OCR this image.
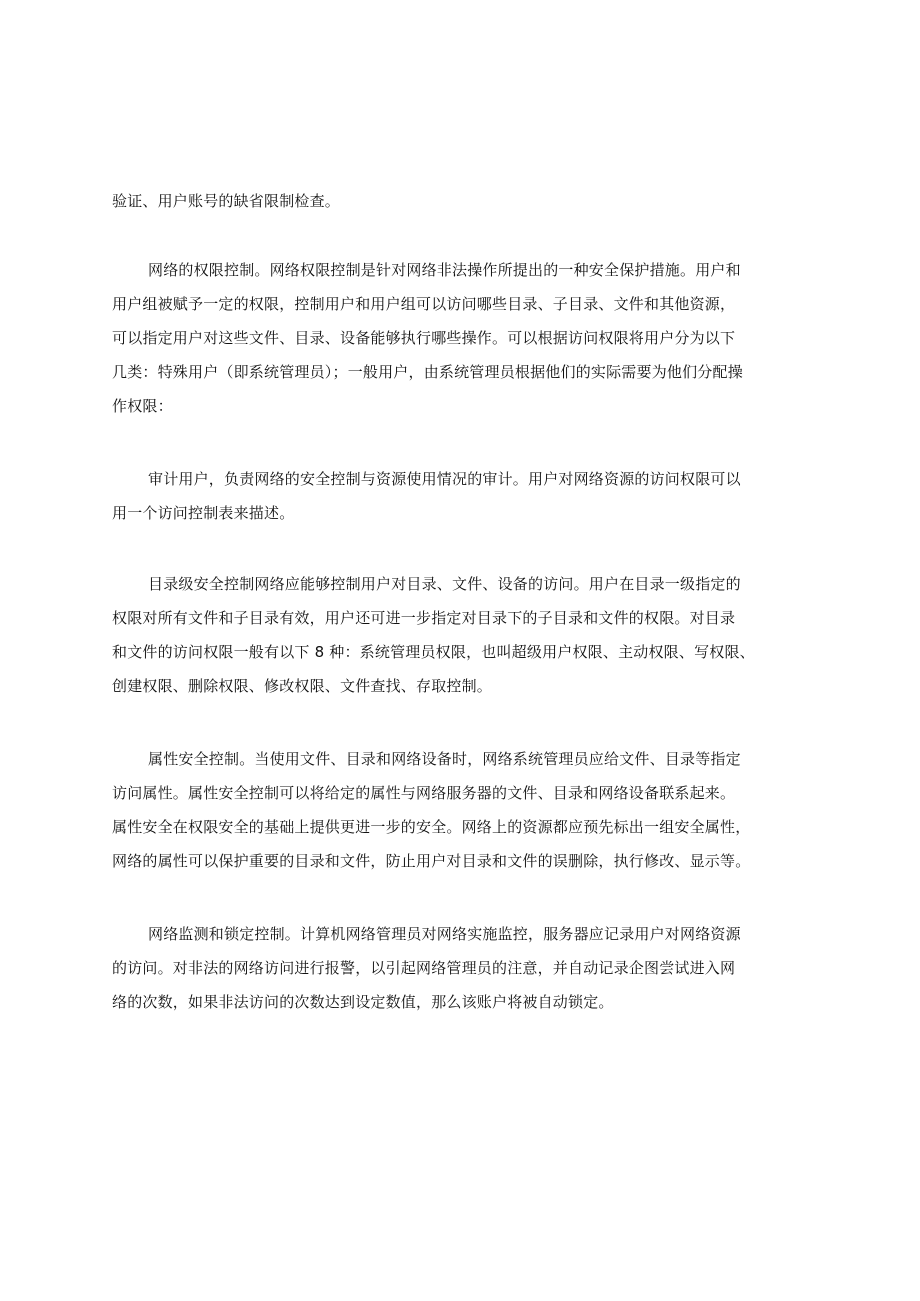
验证、用户账号的缺省限制检查。
网络的权限控制。网络权限控制是针对网络非法操作所提出的一种安全保护措施。用户和
用户组被赋予一定的权限，控制用户和用户组可以访问哪些目录、子目录、文件和其他资源，
可以指定用户对这些文件、目录、设备能够执行哪些操作。可以根据访问权限将用户分为以下
几类：特殊用户（即系统管理员）；一般用户，由系统管理员根据他们的实际需要为他们分配操
作权限：
审计用户，负责网络的安全控制与资源使用情况的审计。用户对网络资源的访问权限可以
用一个访问控制表来描述。
目录级安全控制网络应能够控制用户对目录、文件、设备的访问。用户在目录一级指定的
权限对所有文件和子目录有效，用户还可进一步指定对目录下的子目录和文件的权限。对目录
和文件的访问权限一般有以下 8 种：系统管理员权限，也叫超级用户权限、主动权限、写权限、
创建权限、删除权限、修改权限、文件查找、存取控制。
属性安全控制。当使用文件、目录和网络设备时，网络系统管理员应给文件、目录等指定
访问属性。属性安全控制可以将给定的属性与网络服务器的文件、目录和网络设备联系起来。
属性安全在权限安全的基础上提供更进一步的安全。网络上的资源都应预先标出一组安全属性，
网络的属性可以保护重要的目录和文件，防止用户对目录和文件的误删除，执行修改、显示等。
网络监测和锁定控制。计算机网络管理员对网络实施监控，服务器应记录用户对网络资源
的访问。对非法的网络访问进行报警，以引起网络管理员的注意，并自动记录企图尝试进入网
络的次数，如果非法访问的次数达到设定数值，那么该账户将被自动锁定。
